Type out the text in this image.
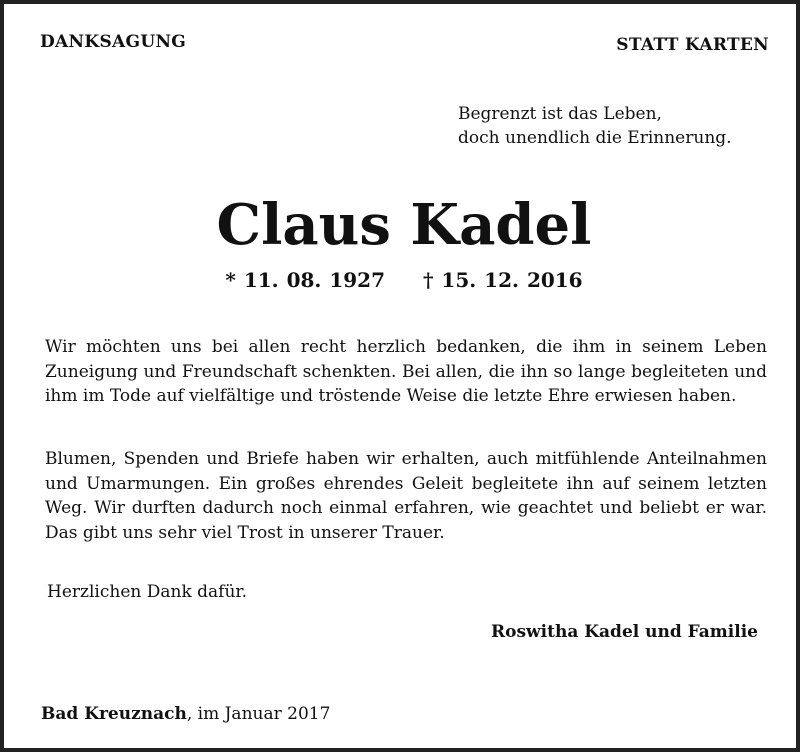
DANKSAGUNG	STATT KARTEN
Begrenzt ist das Leben,
doch unendlich die Erinnerung.
Claus Kadel
* 11. 08. 1927 † 15. 12. 2016
Wir möchten uns bei allen recht herzlich bedanken, die ihm in seinem Leben Zuneigung und Freundschaft schenkten. Bei allen, die ihn so lange begleiteten und ihm im Tode auf vielfältige und tröstende Weise die letzte Ehre erwiesen haben.
Blumen, Spenden und Briefe haben wir erhalten, auch mitfühlende Anteilnahmen und Umarmungen. Ein großes ehrendes Geleit begleitete ihn auf seinem letzten Weg. Wir durften dadurch noch einmal erfahren, wie geachtet und beliebt er war. Das gibt uns sehr viel Trost in unserer Trauer.
Herzlichen Dank dafür.
Roswitha Kadel und Familie
Bad Kreuznach, im Januar 2017
